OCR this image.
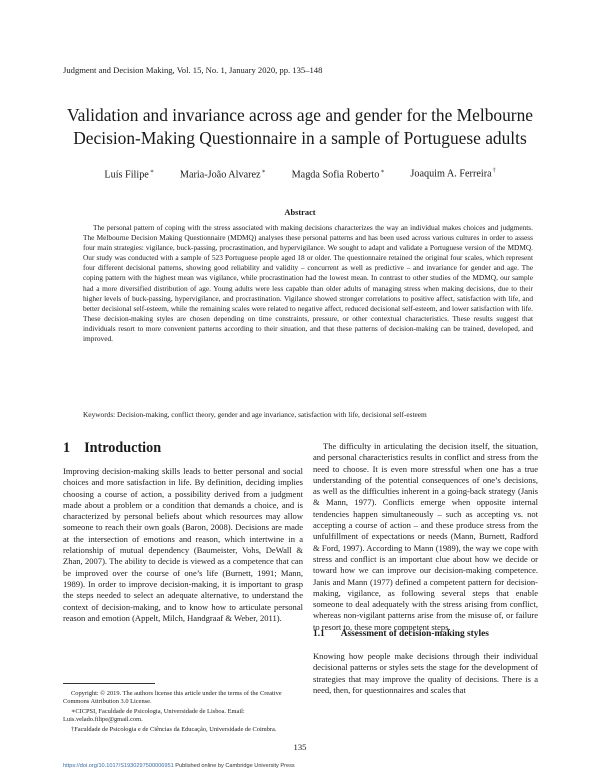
Judgment and Decision Making, Vol. 15, No. 1, January 2020, pp. 135–148
Validation and invariance across age and gender for the Melbourne
Decision-Making Questionnaire in a sample of Portuguese adults
Luís Filipe∗	Maria-João Alvarez∗	Magda Sofia Roberto∗	Joaquim A. Ferreira†
Abstract

The personal pattern of coping with the stress associated with making decisions characterizes the way an individual makes choices and judgments. The Melbourne Decision Making Questionnaire (MDMQ) analyses these personal patterns and has been used across various cultures in order to assess four main strategies: vigilance, buck-passing, procrastination, and hypervigilance. We sought to adapt and validate a Portuguese version of the MDMQ. Our study was conducted with a sample of 523 Portuguese people aged 18 or older. The questionnaire retained the original four scales, which represent four different decisional patterns, showing good reliability and validity – concurrent as well as predictive – and invariance for gender and age. The coping pattern with the highest mean was vigilance, while procrastination had the lowest mean. In contrast to other studies of the MDMQ, our sample had a more diversified distribution of age. Young adults were less capable than older adults of managing stress when making decisions, due to their higher levels of buck-passing, hypervigilance, and procrastination. Vigilance showed stronger correlations to positive affect, satisfaction with life, and better decisional self-esteem, while the remaining scales were related to negative affect, reduced decisional self-esteem, and lower satisfaction with life. These decision-making styles are chosen depending on time constraints, pressure, or other contextual characteristics. These results suggest that individuals resort to more convenient patterns according to their situation, and that these patterns of decision-making can be trained, developed, and improved.

Keywords: Decision-making, conflict theory, gender and age invariance, satisfaction with life, decisional self-esteem
1 Introduction

Improving decision-making skills leads to better personal and social choices and more satisfaction in life. By definition, deciding implies choosing a course of action, a possibility derived from a judgment made about a problem or a condition that demands a choice, and is characterized by personal beliefs about which resources may allow someone to reach their own goals (Baron, 2008). Decisions are made at the intersection of emotions and reason, which intertwine in a relationship of mutual dependency (Baumeister, Vohs, DeWall & Zhan, 2007). The ability to decide is viewed as a competence that can be improved over the course of one’s life (Burnett, 1991; Mann, 1989). In order to improve decision-making, it is important to grasp the steps needed to select an adequate alternative, to understand the context of decision-making, and to know how to articulate personal reason and emotion (Appelt, Milch, Handgraaf & Weber, 2011).

The difficulty in articulating the decision itself, the situation, and personal characteristics results in conflict and stress from the need to choose. It is even more stressful when one has a true understanding of the potential consequences of one’s decisions, as well as the difficulties inherent in a going-back strategy (Janis & Mann, 1977). Conflicts emerge when opposite internal tendencies happen simultaneously – such as accepting vs. not accepting a course of action – and these produce stress from the unfulfillment of expectations or needs (Mann, Burnett, Radford & Ford, 1997). According to Mann (1989), the way we cope with stress and conflict is an important clue about how we decide or toward how we can improve our decision-making competence. Janis and Mann (1977) defined a competent pattern for decision-making, vigilance, as following several steps that enable someone to deal adequately with the stress arising from conflict, whereas non-vigilant patterns arise from the misuse of, or failure to resort to, these more competent steps.

1.1 Assessment of decision-making styles

Knowing how people make decisions through their individual decisional patterns or styles sets the stage for the development of strategies that may improve the quality of decisions. There is a need, then, for questionnaires and scales that

Copyright: © 2019. The authors license this article under the terms of the Creative Commons Attribution 3.0 License.

∗CICPSI, Faculdade de Psicologia, Universidade de Lisboa. Email: Luis.velado.filipe@gmail.com.

†Faculdade de Psicologia e de Ciências da Educação, Universidade de Coimbra.

135
https://doi.org/10.1017/S1930297500006951 Published online by Cambridge University Press
